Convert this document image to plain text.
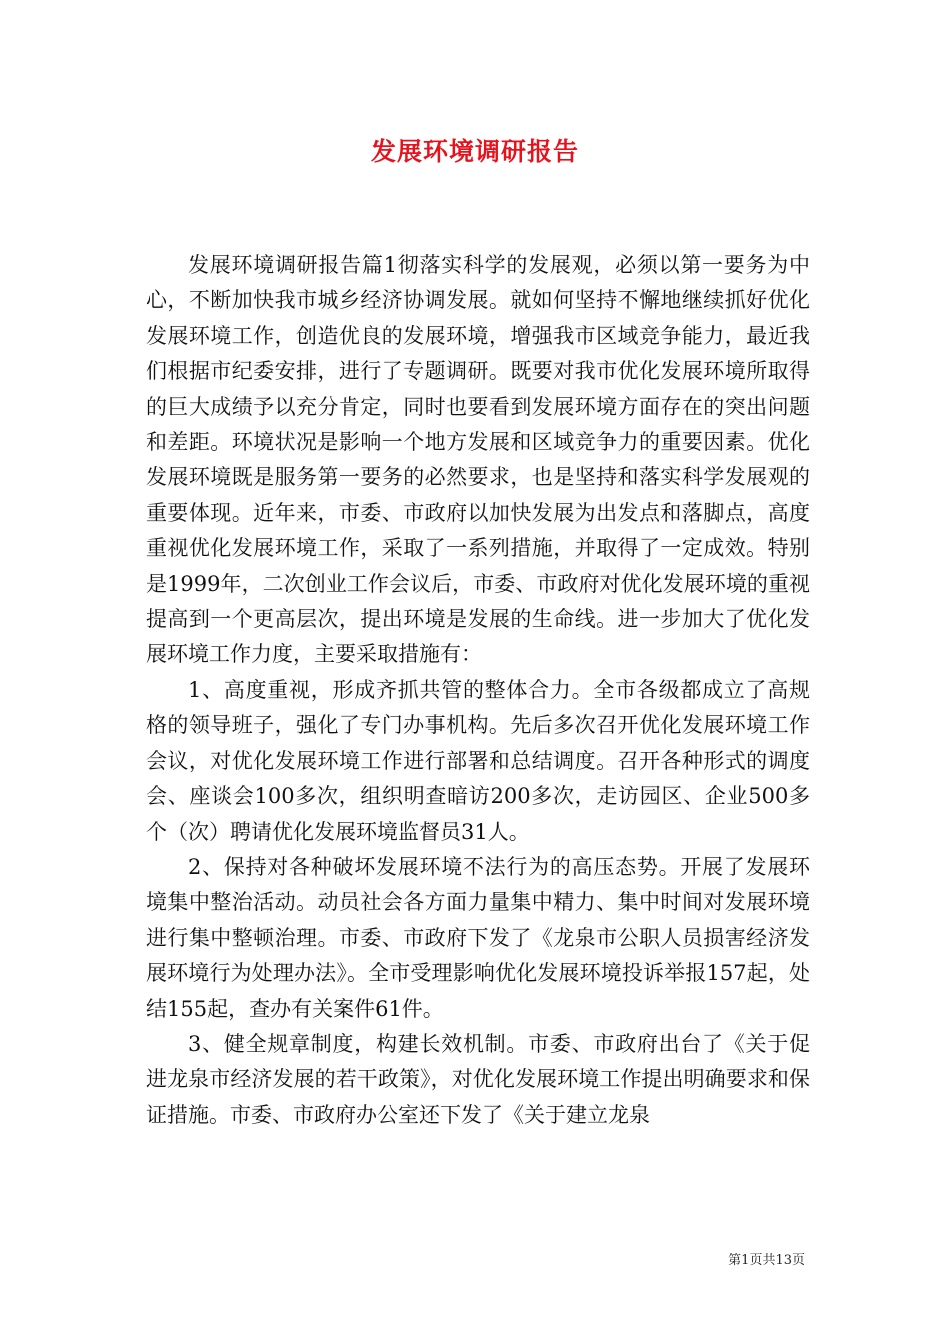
发展环境调研报告

发展环境调研报告篇1彻落实科学的发展观，必须以第一要务为中心，不断加快我市城乡经济协调发展。就如何坚持不懈地继续抓好优化发展环境工作，创造优良的发展环境，增强我市区域竞争能力，最近我们根据市纪委安排，进行了专题调研。既要对我市优化发展环境所取得的巨大成绩予以充分肯定，同时也要看到发展环境方面存在的突出问题和差距。环境状况是影响一个地方发展和区域竞争力的重要因素。优化发展环境既是服务第一要务的必然要求，也是坚持和落实科学发展观的重要体现。近年来，市委、市政府以加快发展为出发点和落脚点，高度重视优化发展环境工作，采取了一系列措施，并取得了一定成效。特别是1999年，二次创业工作会议后，市委、市政府对优化发展环境的重视提高到一个更高层次，提出环境是发展的生命线。进一步加大了优化发展环境工作力度，主要采取措施有：

1、高度重视，形成齐抓共管的整体合力。全市各级都成立了高规格的领导班子，强化了专门办事机构。先后多次召开优化发展环境工作会议，对优化发展环境工作进行部署和总结调度。召开各种形式的调度会、座谈会100多次，组织明查暗访200多次，走访园区、企业500多个（次）聘请优化发展环境监督员31人。

2、保持对各种破坏发展环境不法行为的高压态势。开展了发展环境集中整治活动。动员社会各方面力量集中精力、集中时间对发展环境进行集中整顿治理。市委、市政府下发了《龙泉市公职人员损害经济发展环境行为处理办法》。全市受理影响优化发展环境投诉举报157起，处结155起，查办有关案件61件。

3、健全规章制度，构建长效机制。市委、市政府出台了《关于促进龙泉市经济发展的若干政策》，对优化发展环境工作提出明确要求和保证措施。市委、市政府办公室还下发了《关于建立龙泉

第1页共13页
